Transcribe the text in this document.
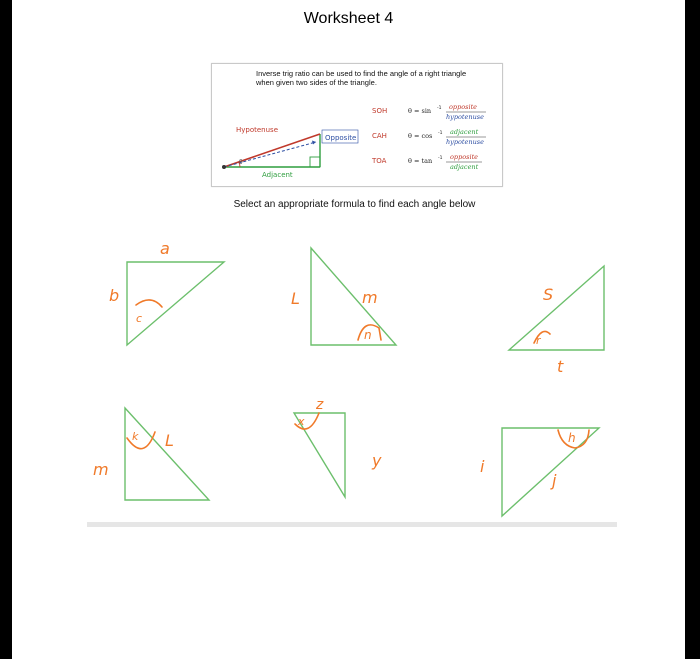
Worksheet 4
Inverse trig ratio can be used to find the angle of a right triangle when given two sides of the triangle.
θ
Hypotenuse
Opposite
Adjacent
SOH	θ = sin -1 opposite
hypotenuse
CAH	θ = cos -1 adjacent
hypotenuse
TOA	θ = tan -1 opposite
adjacent
Select an appropriate formula to find each angle below
a
b
c
L	m
n
S
t
r
m
L
k
z
y
x
i
j
h
